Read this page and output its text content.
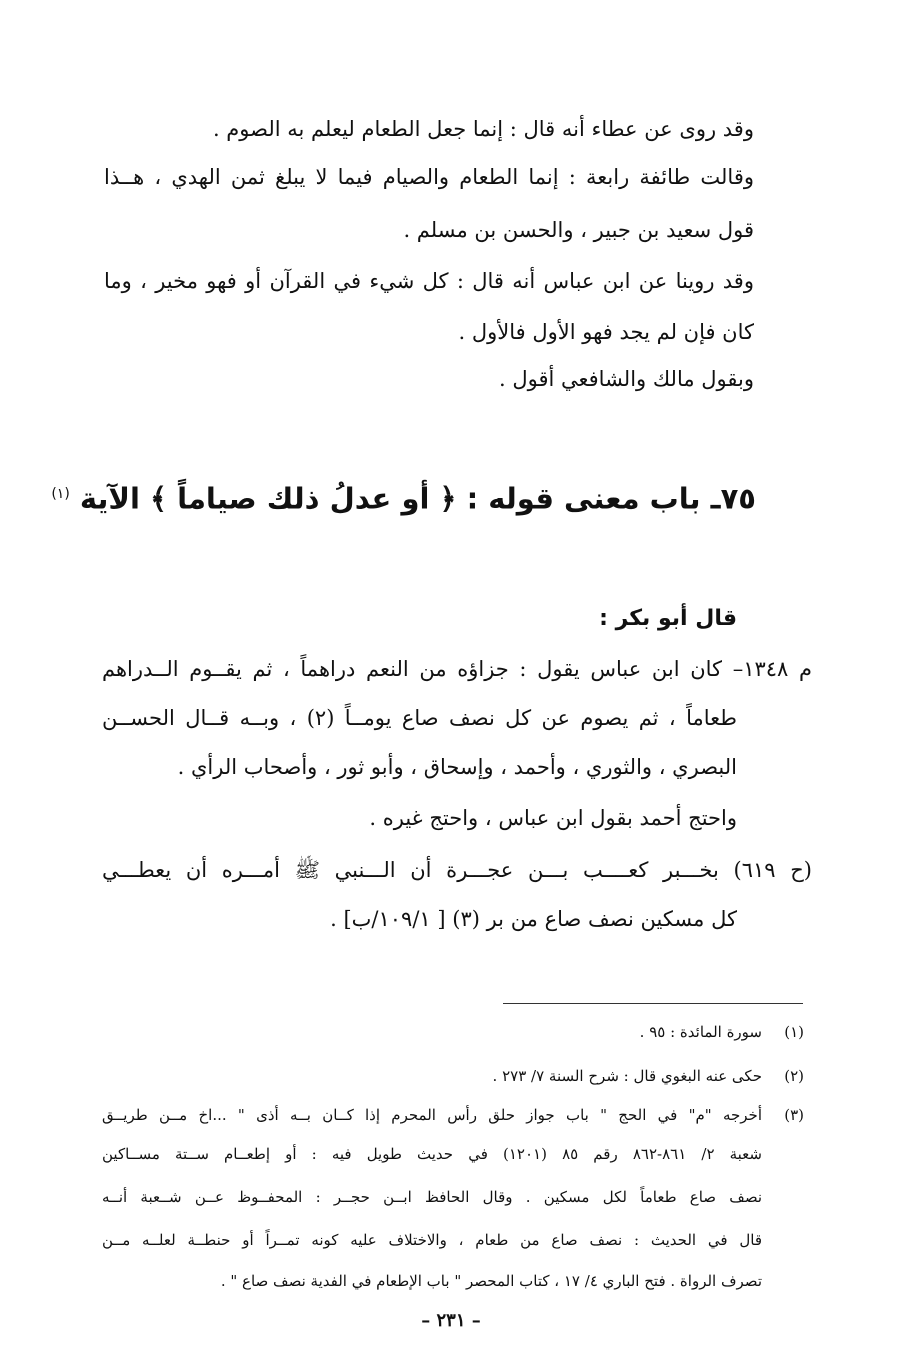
وقد روى عن عطاء أنه قال : إنما جعل الطعام ليعلم به الصوم .
وقالت طائفة رابعة : إنما الطعام والصيام فيما لا يبلغ ثمن الهدي ، هــذا
قول سعيد بن جبير ، والحسن بن مسلم .
وقد روينا عن ابن عباس أنه قال : كل شيء في القرآن أو فهو مخير ، وما
كان فإن لم يجد فهو الأول فالأول .
وبقول مالك والشافعي أقول .
٧٥ـ باب معنى قوله : ﴿ أو عدلُ ذلك صياماً ﴾ الآية $^{(١)}$
قال أبو بكر :
م ١٣٤٨– كان ابن عباس يقول : جزاؤه من النعم دراهماً ، ثم يقــوم الــدراهم
طعاماً ، ثم يصوم عن كل نصف صاع يومــاً (٢) ، وبــه قــال الحســن
البصري ، والثوري ، وأحمد ، وإسحاق ، وأبو ثور ، وأصحاب الرأي .
واحتج أحمد بقول ابن عباس ، واحتج غيره .
(ح ٦١٩) بخـــبر كعــــب بـــن عجـــرة أن الـــنبي ﷺ أمـــره أن يعطـــي
كل مسكين نصف صاع من بر (٣) [ ١٠٩/١/ب] .
(١)
سورة المائدة : ٩٥ .
(٢)
حكى عنه البغوي قال : شرح السنة ٧/ ٢٧٣ .
(٣)
أخرجه "م" في الحج " باب جواز حلق رأس المحرم إذا كــان بــه أذى " ...اخ مــن طريــق
شعبة ٢/ ٨٦١-٨٦٢ رقم ٨٥ (١٢٠١) في حديث طويل فيه : أو إطعــام ســتة مســاكين
نصف صاع طعاماً لكل مسكين . وقال الحافظ ابــن حجــر : المحفــوظ عــن شــعبة أنــه
قال في الحديث : نصف صاع من طعام ، والاختلاف عليه كونه تمــراً أو حنطــة لعلــه مــن
تصرف الرواة . فتح الباري ٤/ ١٧ ، كتاب المحصر " باب الإطعام في الفدية نصف صاع " .
– ٢٣١ –
